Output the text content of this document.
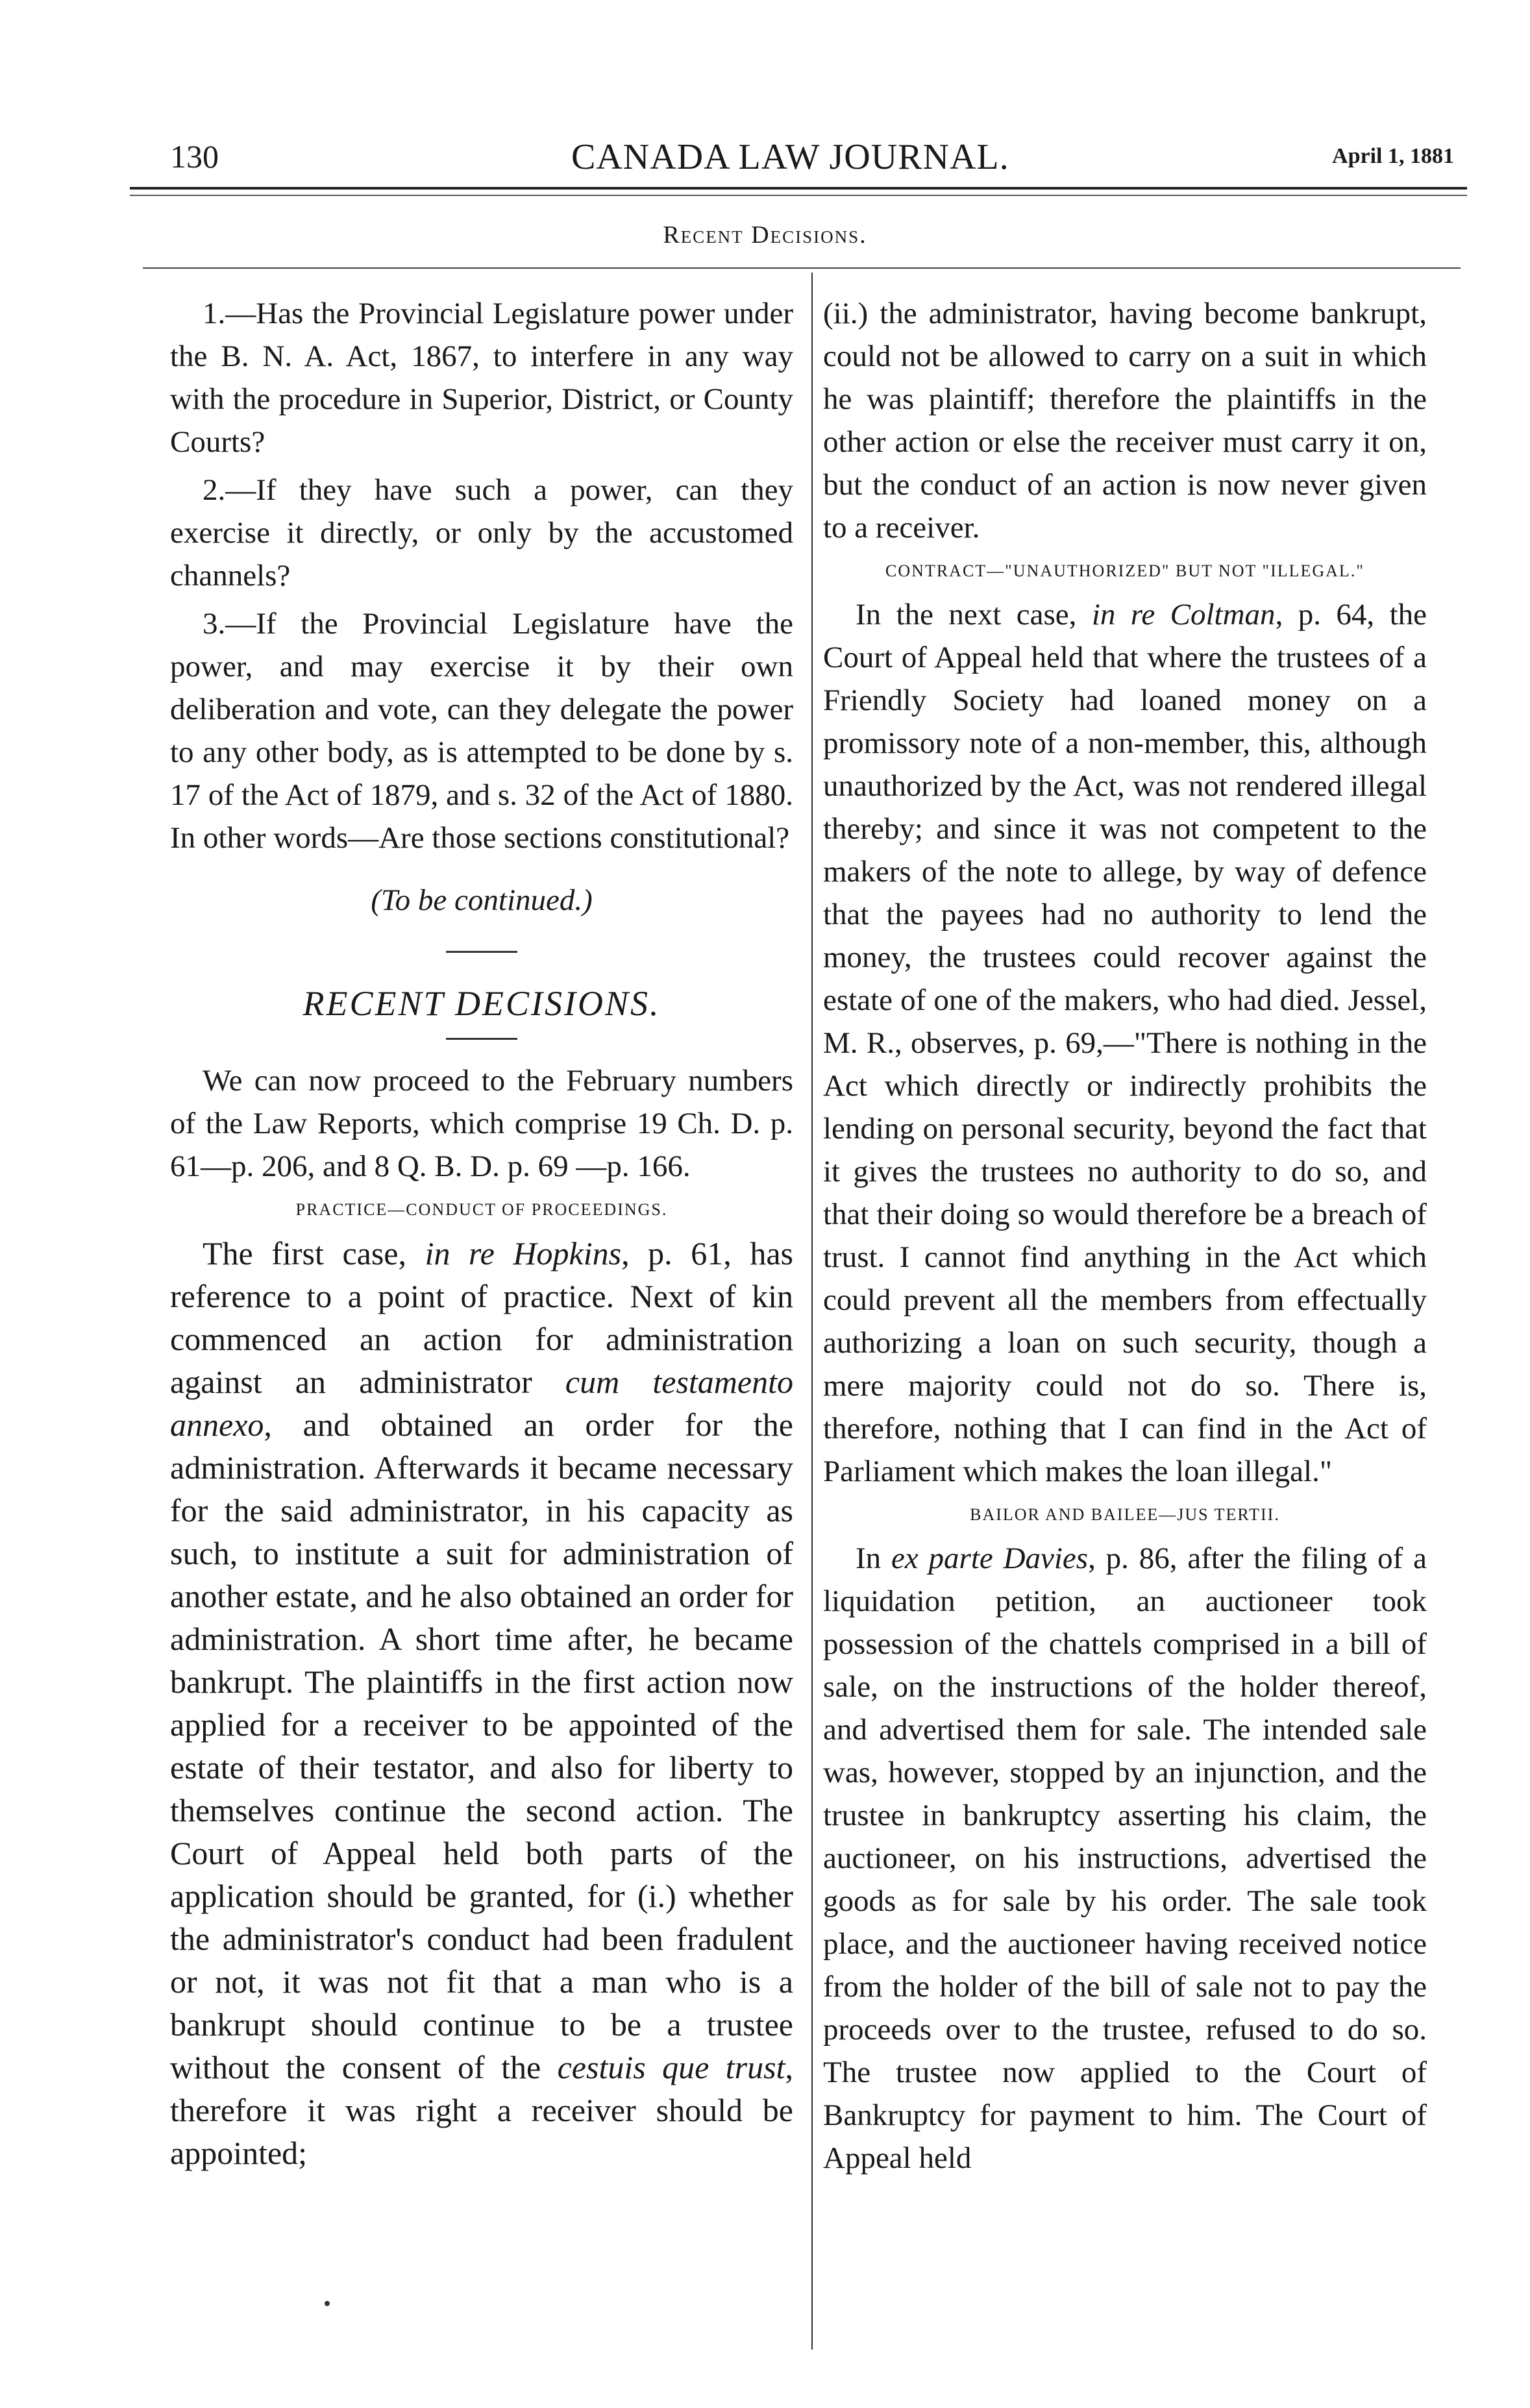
130	CANADA LAW JOURNAL.	April 1, 1881
Recent Decisions.

1.—Has the Provincial Legislature power under the B. N. A. Act, 1867, to interfere in any way with the procedure in Superior, District, or County Courts?

2.—If they have such a power, can they exercise it directly, or only by the accustomed channels?

3.—If the Provincial Legislature have the power, and may exercise it by their own deliberation and vote, can they delegate the power to any other body, as is attempted to be done by s. 17 of the Act of 1879, and s. 32 of the Act of 1880. In other words—Are those sections constitutional?

(To be continued.)

RECENT DECISIONS.

We can now proceed to the February numbers of the Law Reports, which comprise 19 Ch. D. p. 61—p. 206, and 8 Q. B. D. p. 69 —p. 166.

PRACTICE—CONDUCT OF PROCEEDINGS.

The first case, in re Hopkins, p. 61, has reference to a point of practice. Next of kin commenced an action for administration against an administrator cum testamento annexo, and obtained an order for the administration. Afterwards it became necessary for the said administrator, in his capacity as such, to institute a suit for administration of another estate, and he also obtained an order for administration. A short time after, he became bankrupt. The plaintiffs in the first action now applied for a receiver to be appointed of the estate of their testator, and also for liberty to themselves continue the second action. The Court of Appeal held both parts of the application should be granted, for (i.) whether the administrator's conduct had been fradulent or not, it was not fit that a man who is a bankrupt should continue to be a trustee without the consent of the cestuis que trust, therefore it was right a receiver should be appointed;

(ii.) the administrator, having become bankrupt, could not be allowed to carry on a suit in which he was plaintiff; therefore the plaintiffs in the other action or else the receiver must carry it on, but the conduct of an action is now never given to a receiver.

CONTRACT—"UNAUTHORIZED" BUT NOT "ILLEGAL."

In the next case, in re Coltman, p. 64, the Court of Appeal held that where the trustees of a Friendly Society had loaned money on a promissory note of a non-member, this, although unauthorized by the Act, was not rendered illegal thereby; and since it was not competent to the makers of the note to allege, by way of defence that the payees had no authority to lend the money, the trustees could recover against the estate of one of the makers, who had died. Jessel, M. R., observes, p. 69,—"There is nothing in the Act which directly or indirectly prohibits the lending on personal security, beyond the fact that it gives the trustees no authority to do so, and that their doing so would therefore be a breach of trust. I cannot find anything in the Act which could prevent all the members from effectually authorizing a loan on such security, though a mere majority could not do so. There is, therefore, nothing that I can find in the Act of Parliament which makes the loan illegal."

BAILOR AND BAILEE—JUS TERTII.

In ex parte Davies, p. 86, after the filing of a liquidation petition, an auctioneer took possession of the chattels comprised in a bill of sale, on the instructions of the holder thereof, and advertised them for sale. The intended sale was, however, stopped by an injunction, and the trustee in bankruptcy asserting his claim, the auctioneer, on his instructions, advertised the goods as for sale by his order. The sale took place, and the auctioneer having received notice from the holder of the bill of sale not to pay the proceeds over to the trustee, refused to do so. The trustee now applied to the Court of Bankruptcy for payment to him. The Court of Appeal held
